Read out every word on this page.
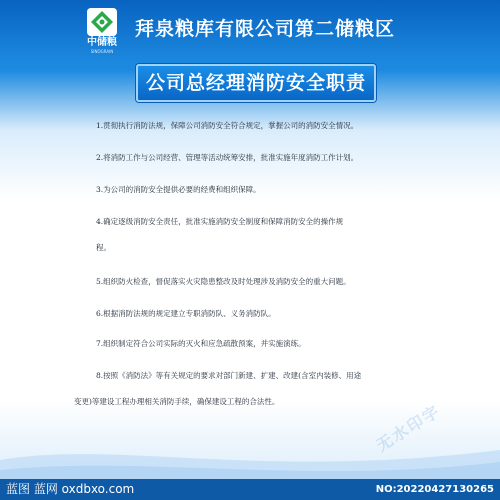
中储粮
SINOGRAIN
拜泉粮库有限公司第二储粮区
公司总经理消防安全职责
1.贯彻执行消防法规，保障公司消防安全符合规定，掌握公司的消防安全情况。
2.将消防工作与公司经营、管理等活动统筹安排，批准实施年度消防工作计划。
3.为公司的消防安全提供必要的经费和组织保障。
4.确定逐级消防安全责任，批准实施消防安全制度和保障消防安全的操作规
程。
5.组织防火检查，督促落实火灾隐患整改及时处理涉及消防安全的重大问题。
6.根据消防法规的规定建立专职消防队、义务消防队。
7.组织制定符合公司实际的灭火和应急疏散预案，并实施演练。
8.按照《消防法》等有关规定的要求对部门新建、扩建、改建(含室内装修、用途
变更)等建设工程办理相关消防手续，确保建设工程的合法性。	无水印字
蓝图 蓝网 oxdbxo.com	NO:20220427130265
